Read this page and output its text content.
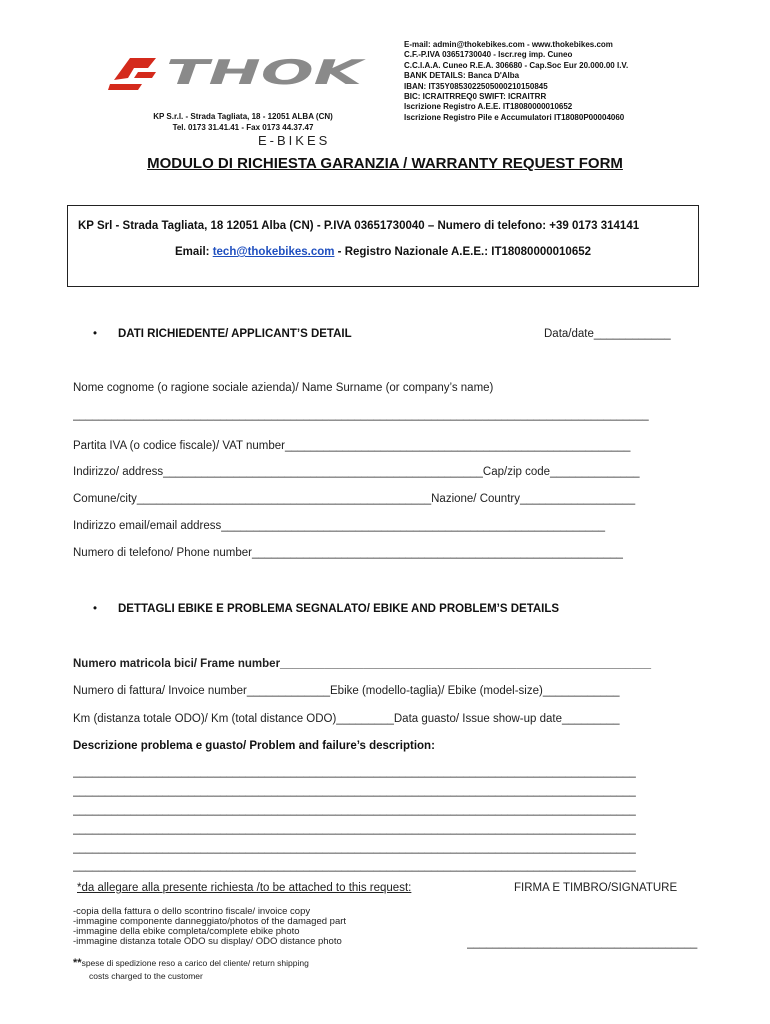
THOK
E-BIKES
KP S.r.l. - Strada Tagliata, 18 - 12051 ALBA (CN)
Tel. 0173 31.41.41 - Fax 0173 44.37.47
E-mail: admin@thokebikes.com - www.thokebikes.com
C.F.-P.IVA 03651730040 - Iscr.reg imp. Cuneo
C.C.I.A.A. Cuneo R.E.A. 306680 - Cap.Soc Eur 20.000.00 I.V.
BANK DETAILS: Banca D'Alba
IBAN: IT35Y0853022505000210150845
BIC: ICRAITRREQ0 SWIFT: ICRAITRR
Iscrizione Registro A.E.E. IT18080000010652
Iscrizione Registro Pile e Accumulatori IT18080P00004060
MODULO DI RICHIESTA GARANZIA / WARRANTY REQUEST FORM
KP Srl - Strada Tagliata, 18 12051 Alba (CN) - P.IVA 03651730040 – Numero di telefono: +39 0173 314141
Email: tech@thokebikes.com - Registro Nazionale A.E.E.: IT18080000010652
• DATI RICHIEDENTE/ APPLICANT’S DETAIL	Data/date____________
Nome cognome (o ragione sociale azienda)/ Name Surname (or company’s name)
__________________________________________________________________________________________
Partita IVA (o codice fiscale)/ VAT number______________________________________________________
Indirizzo/ address__________________________________________________Cap/zip code______________
Comune/city______________________________________________Nazione/ Country__________________
Indirizzo email/email address____________________________________________________________
Numero di telefono/ Phone number__________________________________________________________
• DETTAGLI EBIKE E PROBLEMA SEGNALATO/ EBIKE AND PROBLEM’S DETAILS
Numero matricola bici/ Frame number__________________________________________________________
Numero di fattura/ Invoice number_____________Ebike (modello-taglia)/ Ebike (model-size)____________
Km (distanza totale ODO)/ Km (total distance ODO)_________Data guasto/ Issue show-up date_________
Descrizione problema e guasto/ Problem and failure’s description:
________________________________________________________________________________________
________________________________________________________________________________________
________________________________________________________________________________________
________________________________________________________________________________________
________________________________________________________________________________________
________________________________________________________________________________________
*da allegare alla presente richiesta /to be attached to this request:	FIRMA E TIMBRO/SIGNATURE
-copia della fattura o dello scontrino fiscale/ invoice copy
-immagine componente danneggiato/photos of the damaged part
-immagine della ebike completa/complete ebike photo
-immagine distanza totale ODO su display/ ODO distance photo	____________________________________
**spese di spedizione reso a carico del cliente/ return shipping
costs charged to the customer
